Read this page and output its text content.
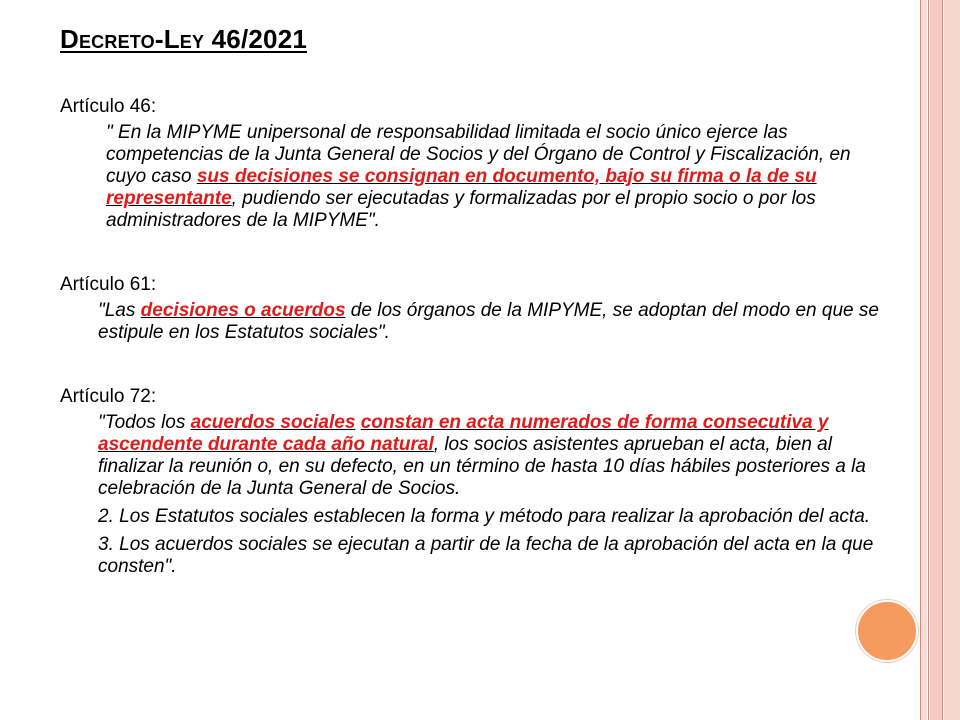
Decreto-Ley 46/2021

Artículo 46:

" En la MIPYME unipersonal de responsabilidad limitada el socio único ejerce las competencias de la Junta General de Socios y del Órgano de Control y Fiscalización, en cuyo caso sus decisiones se consignan en documento, bajo su firma o la de su representante, pudiendo ser ejecutadas y formalizadas por el propio socio o por los administradores de la MIPYME".

Artículo 61:

"Las decisiones o acuerdos de los órganos de la MIPYME, se adoptan del modo en que se estipule en los Estatutos sociales".

Artículo 72:

"Todos los acuerdos sociales constan en acta numerados de forma consecutiva y ascendente durante cada año natural, los socios asistentes aprueban el acta, bien al finalizar la reunión o, en su defecto, en un término de hasta 10 días hábiles posteriores a la celebración de la Junta General de Socios.

2. Los Estatutos sociales establecen la forma y método para realizar la aprobación del acta.

3. Los acuerdos sociales se ejecutan a partir de la fecha de la aprobación del acta en la que consten".
